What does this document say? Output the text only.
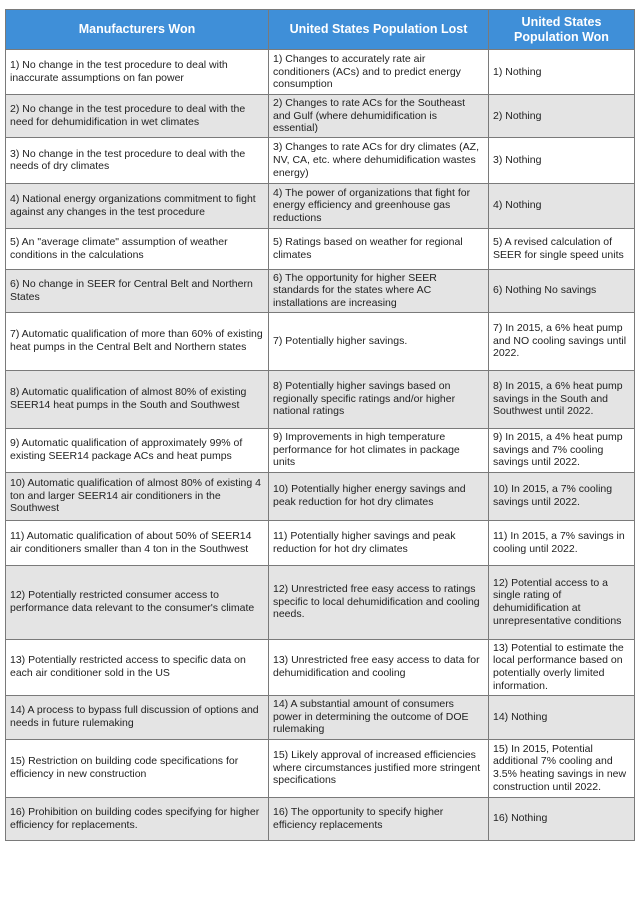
Manufacturers Won	United States Population Lost	United States Population Won
1) No change in the test procedure to deal with inaccurate assumptions on fan power	1) Changes to accurately rate air conditioners (ACs) and to predict energy consumption	1) Nothing
2) No change in the test procedure to deal with the need for dehumidification in wet climates	2) Changes to rate ACs for the Southeast and Gulf (where dehumidification is essential)	2) Nothing
3) No change in the test procedure to deal with the needs of dry climates	3) Changes to rate ACs for dry climates (AZ, NV, CA, etc. where dehumidification wastes energy)	3) Nothing
4) National energy organizations commitment to fight against any changes in the test procedure	4) The power of organizations that fight for energy efficiency and greenhouse gas reductions	4) Nothing
5) An "average climate" assumption of weather conditions in the calculations	5) Ratings based on weather for regional climates	5) A revised calculation of SEER for single speed units
6) No change in SEER for Central Belt and Northern States	6) The opportunity for higher SEER standards for the states where AC installations are increasing	6) Nothing No savings
7) Automatic qualification of more than 60% of existing heat pumps in the Central Belt and Northern states	7) Potentially higher savings.	7) In 2015, a 6% heat pump and NO cooling savings until 2022.
8) Automatic qualification of almost 80% of existing SEER14 heat pumps in the South and Southwest	8) Potentially higher savings based on regionally specific ratings and/or higher national ratings	8) In 2015, a 6% heat pump savings in the South and Southwest until 2022.
9) Automatic qualification of approximately 99% of existing SEER14 package ACs and heat pumps	9) Improvements in high temperature performance for hot climates in package units	9) In 2015, a 4% heat pump savings and 7% cooling savings until 2022.
10) Automatic qualification of almost 80% of existing 4 ton and larger SEER14 air conditioners in the Southwest	10) Potentially higher energy savings and peak reduction for hot dry climates	10) In 2015, a 7% cooling savings until 2022.
11) Automatic qualification of about 50% of SEER14 air conditioners smaller than 4 ton in the Southwest	11) Potentially higher savings and peak reduction for hot dry climates	11) In 2015, a 7% savings in cooling until 2022.
12) Potentially restricted consumer access to performance data relevant to the consumer's climate	12) Unrestricted free easy access to ratings specific to local dehumidification and cooling needs.	12) Potential access to a single rating of dehumidification at unrepresentative conditions
13) Potentially restricted access to specific data on each air conditioner sold in the US	13) Unrestricted free easy access to data for dehumidification and cooling	13) Potential to estimate the local performance based on potentially overly limited information.
14) A process to bypass full discussion of options and needs in future rulemaking	14) A substantial amount of consumers power in determining the outcome of DOE rulemaking	14) Nothing
15) Restriction on building code specifications for efficiency in new construction	15) Likely approval of increased efficiencies where circumstances justified more stringent specifications	15) In 2015, Potential additional 7% cooling and 3.5% heating savings in new construction until 2022.
16) Prohibition on building codes specifying for higher efficiency for replacements.	16) The opportunity to specify higher efficiency replacements	16) Nothing
